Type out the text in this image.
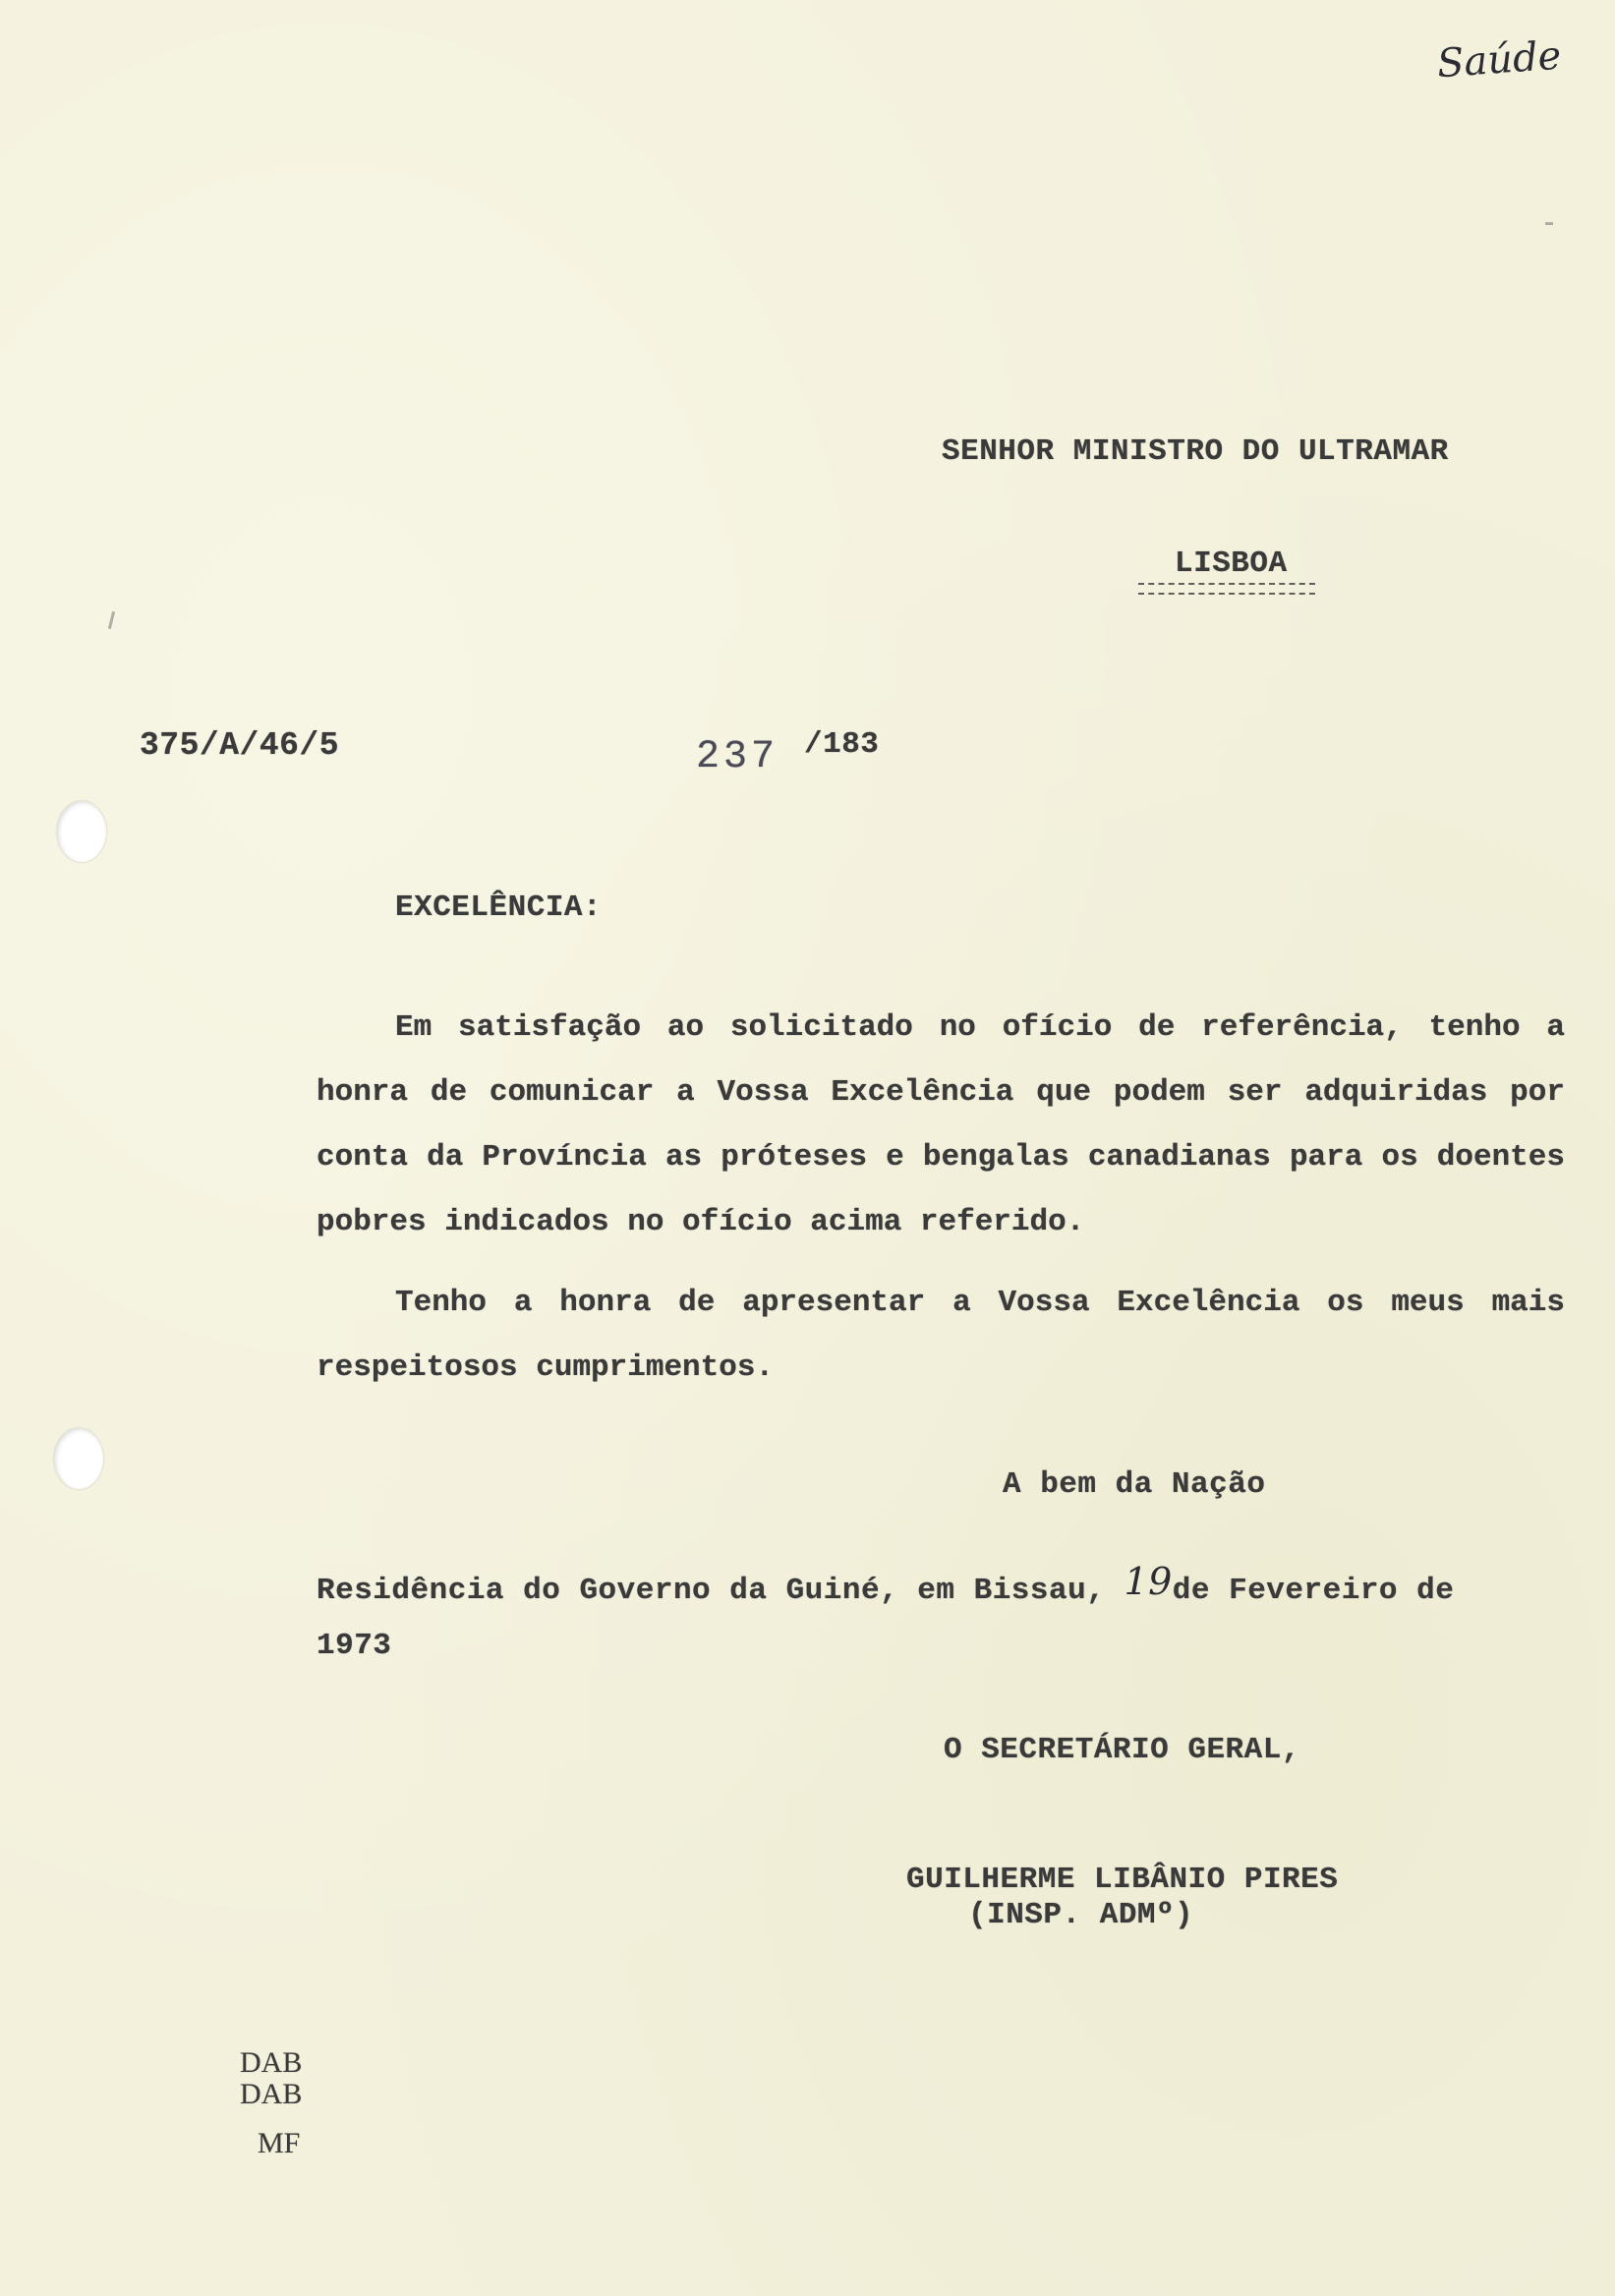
Saúde
SENHOR MINISTRO DO ULTRAMAR
LISBOA
375/A/46/5	237 /183
EXCELÊNCIA:

Em satisfação ao solicitado no ofício de referência, tenho a honra de comunicar a Vossa Excelência que podem ser adquiridas por conta da Província as próteses e bengalas canadianas para os doentes pobres indicados no ofício acima referido.

Tenho a honra de apresentar a Vossa Excelência os meus mais respeitosos cumprimentos.

A bem da Nação
Residência do Governo da Guiné, em Bissau, 19de Fevereiro de
1973
O SECRETÁRIO GERAL,
GUILHERME LIBÂNIO PIRES
(INSP. ADMº)
DAB
DAB
MF
